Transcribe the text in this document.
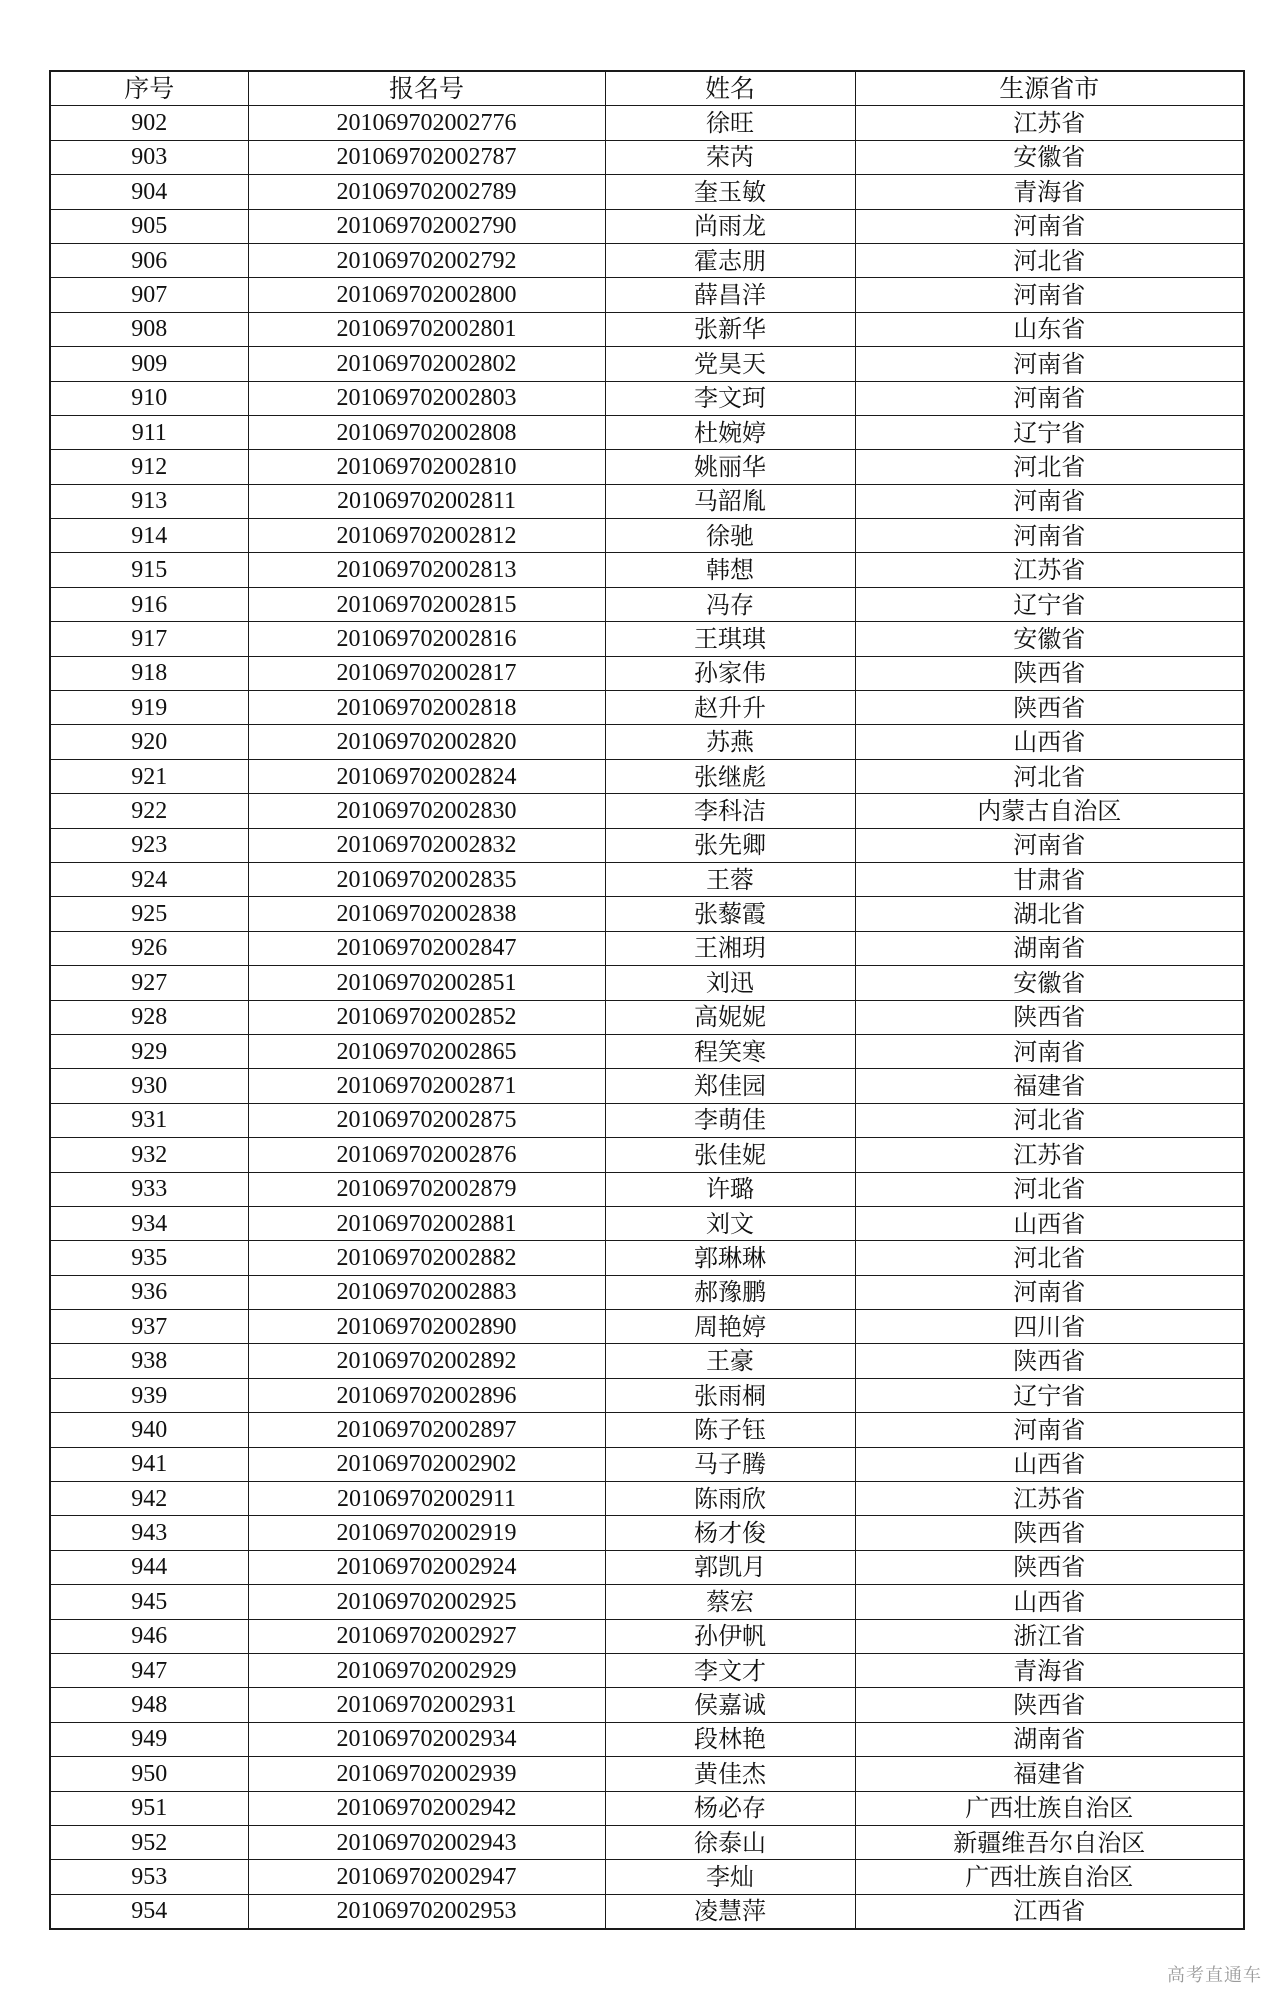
序号	报名号	姓名	生源省市
902	20106970200277​6	徐旺	江苏省
903	201069702002787	荣芮	安徽省
904	201069702002789	奎玉敏	青海省
905	201069702002790	尚雨龙	河南省
906	201069702002792	霍志朋	河北省
907	201069702002800	薛昌洋	河南省
908	201069702002801	张新华	山东省
909	201069702002802	党昊天	河南省
910	201069702002803	李文珂	河南省
911	201069702002808	杜婉婷	辽宁省
912	201069702002810	姚丽华	河北省
913	201069702002811	马韶胤	河南省
914	201069702002812	徐驰	河南省
915	201069702002813	韩想	江苏省
916	201069702002815	冯存	辽宁省
917	201069702002816	王琪琪	安徽省
918	201069702002817	孙家伟	陕西省
919	201069702002818	赵升升	陕西省
920	201069702002820	苏燕	山西省
921	201069702002824	张继彪	河北省
922	201069702002830	李科洁	内蒙古自治区
923	201069702002832	张先卿	河南省
924	201069702002835	王蓉	甘肃省
925	201069702002838	张藜霞	湖北省
926	201069702002847	王湘玥	湖南省
927	201069702002851	刘迅	安徽省
928	201069702002852	高妮妮	陕西省
929	201069702002865	程笑寒	河南省
930	201069702002871	郑佳园	福建省
931	201069702002875	李萌佳	河北省
932	201069702002876	张佳妮	江苏省
933	201069702002879	许璐	河北省
934	201069702002881	刘文	山西省
935	201069702002882	郭琳琳	河北省
936	201069702002883	郝豫鹏	河南省
937	201069702002890	周艳婷	四川省
938	201069702002892	王豪	陕西省
939	201069702002896	张雨桐	辽宁省
940	201069702002897	陈子钰	河南省
941	201069702002902	马子腾	山西省
942	201069702002911	陈雨欣	江苏省
943	201069702002919	杨才俊	陕西省
944	201069702002924	郭凯月	陕西省
945	201069702002925	蔡宏	山西省
946	201069702002927	孙伊帆	浙江省
947	201069702002929	李文才	青海省
948	201069702002931	侯嘉诚	陕西省
949	201069702002934	段林艳	湖南省
950	201069702002939	黄佳杰	福建省
951	201069702002942	杨必存	广西壮族自治区
952	201069702002943	徐泰山	新疆维吾尔自治区
953	201069702002947	李灿	广西壮族自治区
954	201069702002953	凌慧萍	江西省
高考直通车
